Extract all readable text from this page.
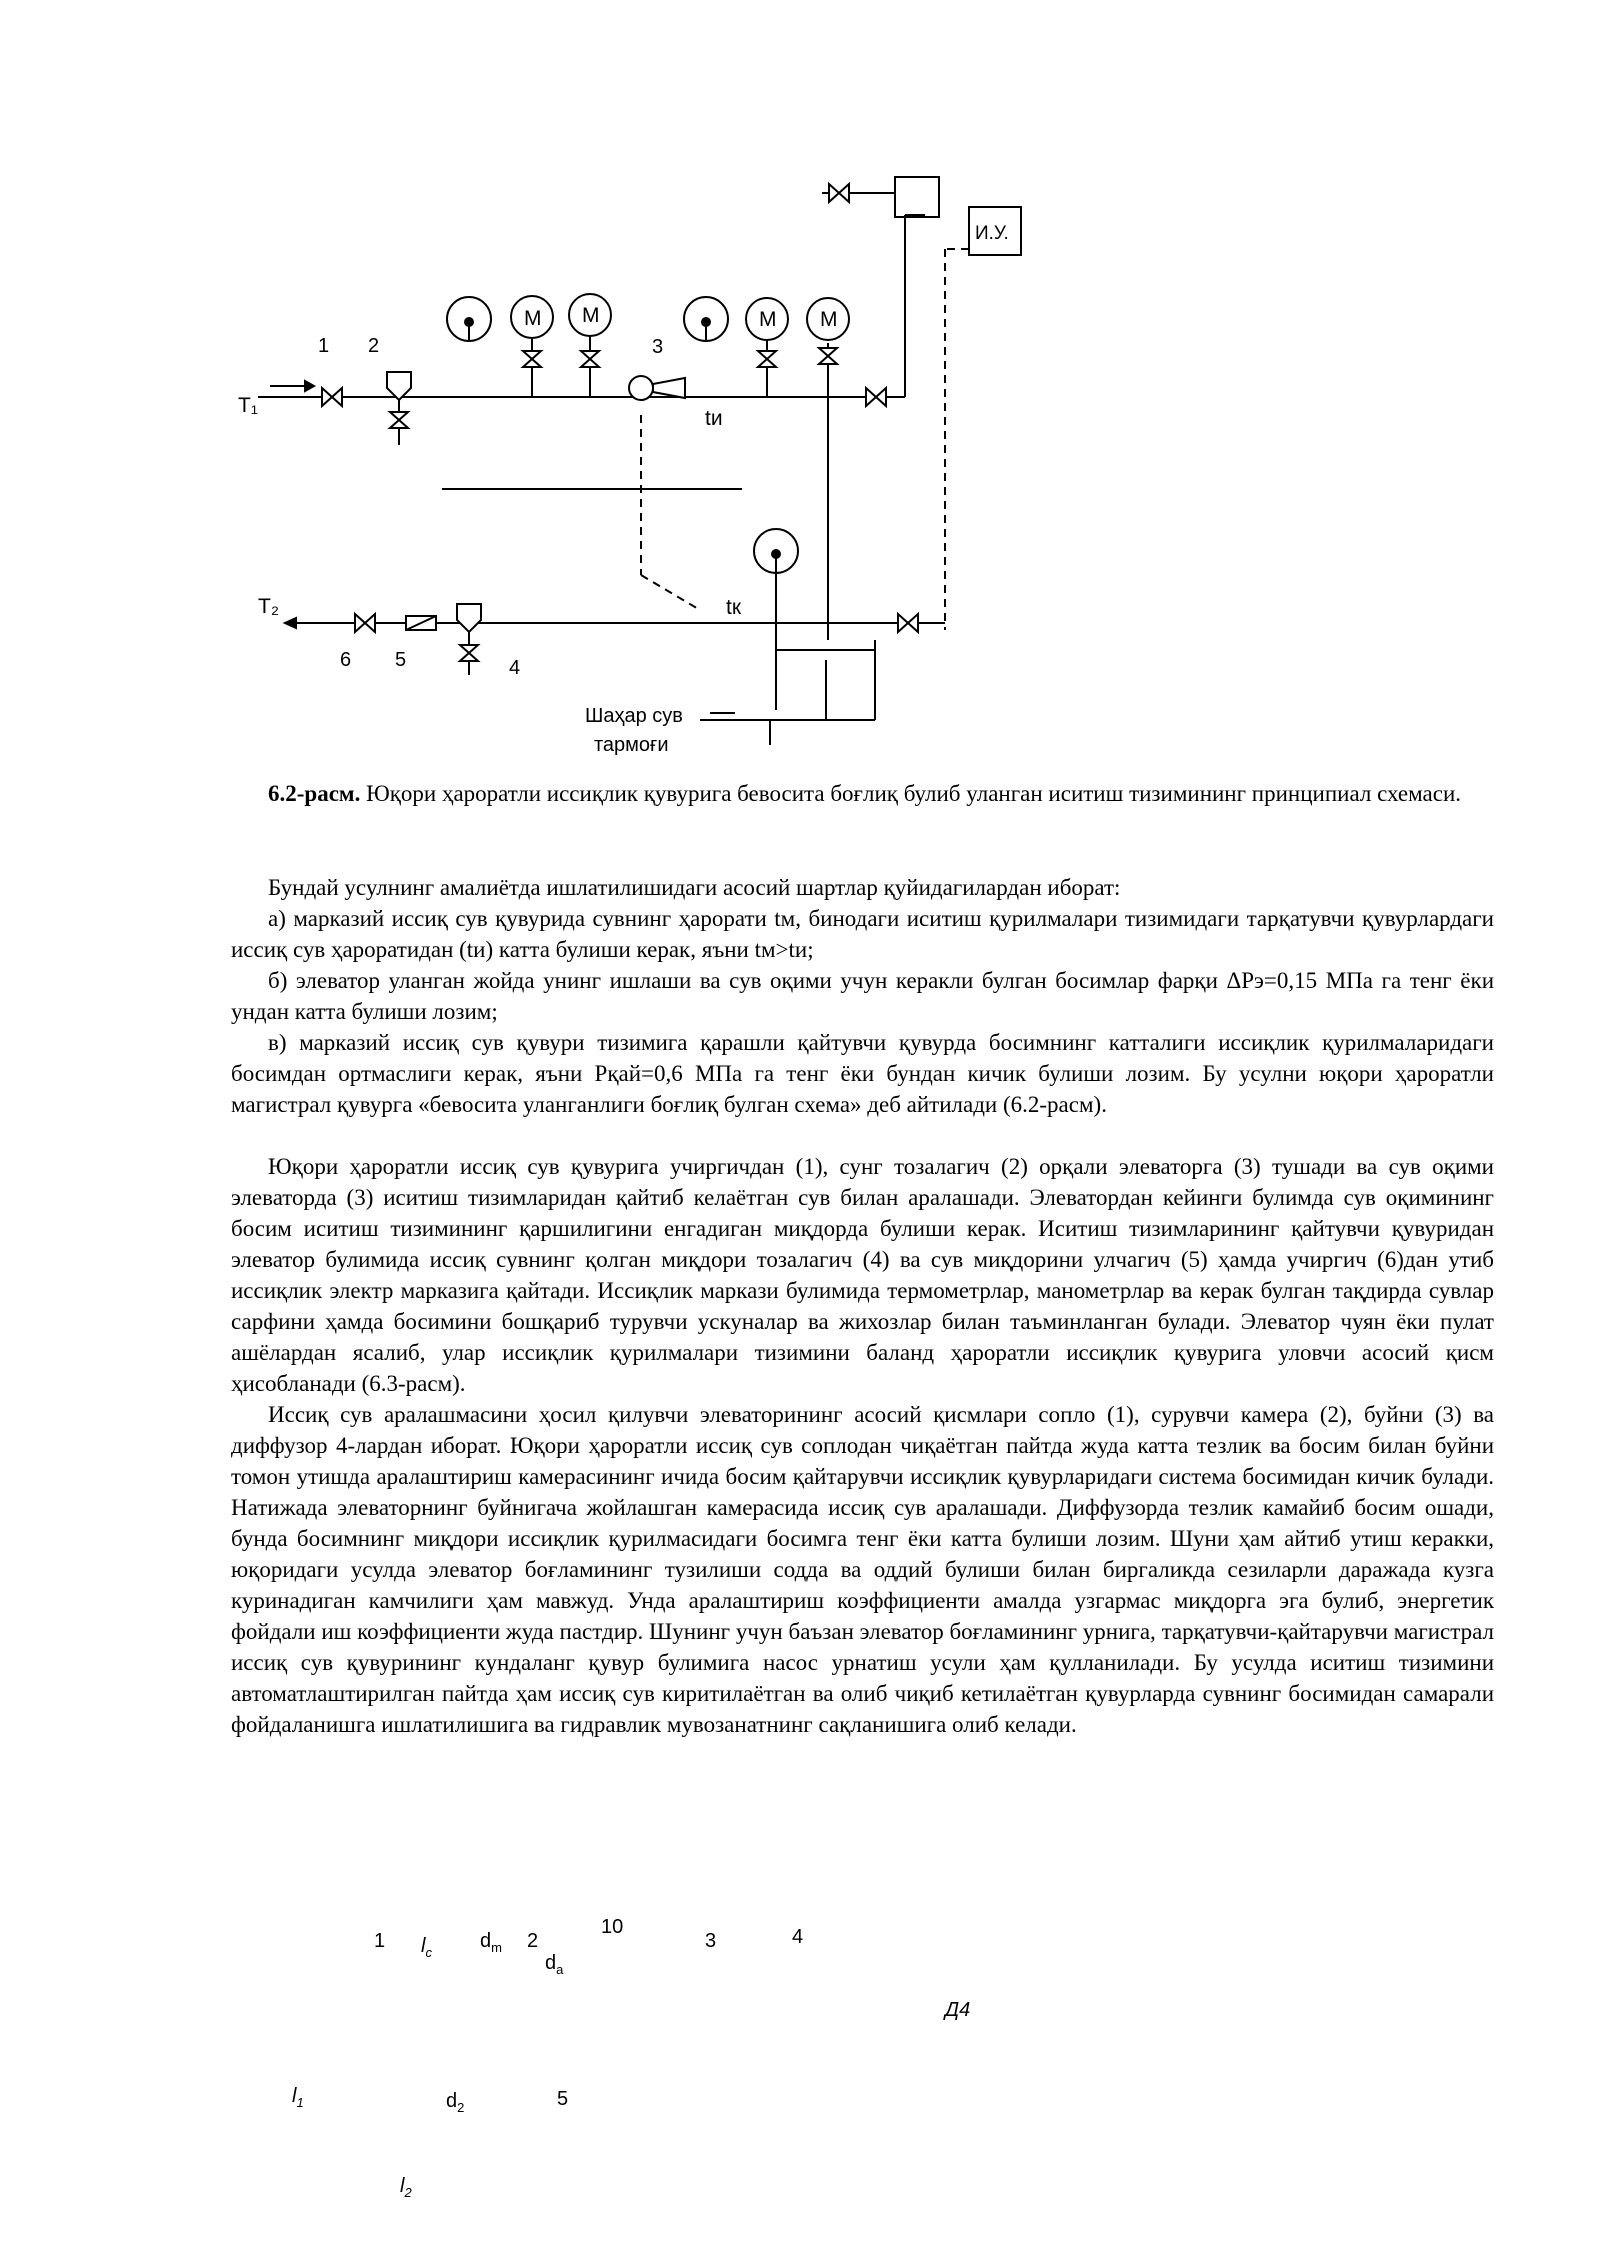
И.У.
1 2	3
4
5
6
T₁
T₂
tи
tк
M M	M M
Шаҳар сув
тармоғи
6.2-расм. Юқори ҳароратли иссиқлик қувурига бевосита боғлиқ булиб уланган иситиш тизимининг принципиал схемаси.

Бундай усулнинг амалиётда ишлатилишидаги асосий шартлар қуйидагилардан иборат:

а) марказий иссиқ сув қувурида сувнинг ҳарорати tм, бинодаги иситиш қурилмалари тизимидаги тарқатувчи қувурлардаги иссиқ сув ҳароратидан (tи) катта булиши керак, яъни tм>tи;

б) элеватор уланган жойда унинг ишлаши ва сув оқими учун керакли булган босимлар фарқи ΔPэ=0,15 МПа га тенг ёки ундан катта булиши лозим;

в) марказий иссиқ сув қувури тизимига қарашли қайтувчи қувурда босимнинг катталиги иссиқлик қурилмаларидаги босимдан ортмаслиги керак, яъни Pқай=0,6 МПа га тенг ёки бундан кичик булиши лозим. Бу усулни юқори ҳароратли магистрал қувурга «бевосита уланганлиги боғлиқ булган схема» деб айтилади (6.2-расм).

Юқори ҳароратли иссиқ сув қувурига учиргичдан (1), сунг тозалагич (2) орқали элеваторга (3) тушади ва сув оқими элеваторда (3) иситиш тизимларидан қайтиб келаётган сув билан аралашади. Элеватордан кейинги булимда сув оқимининг босим иситиш тизимининг қаршилигини енгадиган миқдорда булиши керак. Иситиш тизимларининг қайтувчи қувуридан элеватор булимида иссиқ сувнинг қолган миқдори тозалагич (4) ва сув миқдорини улчагич (5) ҳамда учиргич (6)дан утиб иссиқлик электр марказига қайтади. Иссиқлик маркази булимида термометрлар, манометрлар ва керак булган тақдирда сувлар сарфини ҳамда босимини бошқариб турувчи ускуналар ва жихозлар билан таъминланган булади. Элеватор чуян ёки пулат ашёлардан ясалиб, улар иссиқлик қурилмалари тизимини баланд ҳароратли иссиқлик қувурига уловчи асосий қисм ҳисобланади (6.3-расм).

Иссиқ сув аралашмасини ҳосил қилувчи элеваторининг асосий қисмлари сопло (1), сурувчи камера (2), буйни (3) ва диффузор 4-лардан иборат. Юқори ҳароратли иссиқ сув соплодан чиқаётган пайтда жуда катта тезлик ва босим билан буйни томон утишда аралаштириш камерасининг ичида босим қайтарувчи иссиқлик қувурларидаги система босимидан кичик булади. Натижада элеваторнинг буйнигача жойлашган камерасида иссиқ сув аралашади. Диффузорда тезлик камайиб босим ошади, бунда босимнинг миқдори иссиқлик қурилмасидаги босимга тенг ёки катта булиши лозим. Шуни ҳам айтиб утиш керакки, юқоридаги усулда элеватор боғламининг тузилиши содда ва оддий булиши билан биргаликда сезиларли даражада кузга куринадиган камчилиги ҳам мавжуд. Унда аралаштириш коэффициенти амалда узгармас миқдорга эга булиб, энергетик фойдали иш коэффициенти жуда пастдир. Шунинг учун баъзан элеватор боғламининг урнига, тарқатувчи-қайтарувчи магистрал иссиқ сув қувурининг кундаланг қувур булимига насос урнатиш усули ҳам қулланилади. Бу усулда иситиш тизимини автоматлаштирилган пайтда ҳам иссиқ сув киритилаётган ва олиб чиқиб кетилаётган қувурларда сувнинг босимидан самарали фойдаланишга ишлатилишига ва гидравлик мувозанатнинг сақланишига олиб келади.

1 $l_c$
$d_m$ 2
10
$d_a$
3	4
Д4
$l_1$	$d_2$	5
$l_2$
